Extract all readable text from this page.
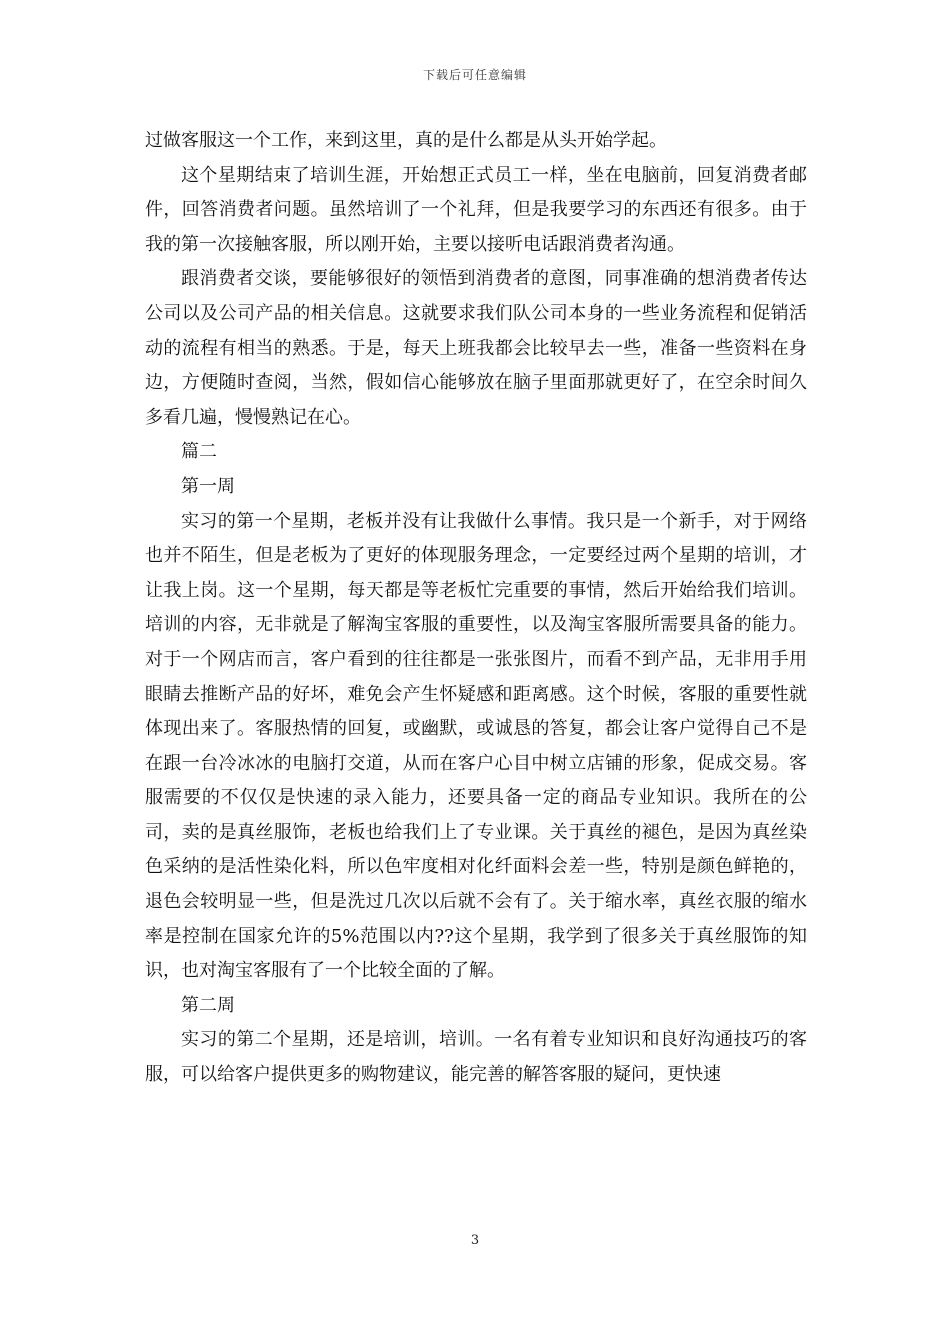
下载后可任意编辑

过做客服这一个工作，来到这里，真的是什么都是从头开始学起。

这个星期结束了培训生涯，开始想正式员工一样，坐在电脑前，回复消费者邮件，回答消费者问题。虽然培训了一个礼拜，但是我要学习的东西还有很多。由于我的第一次接触客服，所以刚开始，主要以接听电话跟消费者沟通。

跟消费者交谈，要能够很好的领悟到消费者的意图，同事准确的想消费者传达公司以及公司产品的相关信息。这就要求我们队公司本身的一些业务流程和促销活动的流程有相当的熟悉。于是，每天上班我都会比较早去一些，准备一些资料在身边，方便随时查阅，当然，假如信心能够放在脑子里面那就更好了，在空余时间久多看几遍，慢慢熟记在心。

篇二

第一周

实习的第一个星期，老板并没有让我做什么事情。我只是一个新手，对于网络也并不陌生，但是老板为了更好的体现服务理念，一定要经过两个星期的培训，才让我上岗。这一个星期，每天都是等老板忙完重要的事情，然后开始给我们培训。培训的内容，无非就是了解淘宝客服的重要性，以及淘宝客服所需要具备的能力。对于一个网店而言，客户看到的往往都是一张张图片，而看不到产品，无非用手用眼睛去推断产品的好坏，难免会产生怀疑感和距离感。这个时候，客服的重要性就体现出来了。客服热情的回复，或幽默，或诚恳的答复，都会让客户觉得自己不是在跟一台冷冰冰的电脑打交道，从而在客户心目中树立店铺的形象，促成交易。客服需要的不仅仅是快速的录入能力，还要具备一定的商品专业知识。我所在的公司，卖的是真丝服饰，老板也给我们上了专业课。关于真丝的褪色，是因为真丝染色采纳的是活性染化料，所以色牢度相对化纤面料会差一些，特别是颜色鲜艳的，退色会较明显一些，但是洗过几次以后就不会有了。关于缩水率，真丝衣服的缩水率是控制在国家允许的5%范围以内??这个星期，我学到了很多关于真丝服饰的知识，也对淘宝客服有了一个比较全面的了解。

第二周

实习的第二个星期，还是培训，培训。一名有着专业知识和良好沟通技巧的客服，可以给客户提供更多的购物建议，能完善的解答客服的疑问，更快速

3
